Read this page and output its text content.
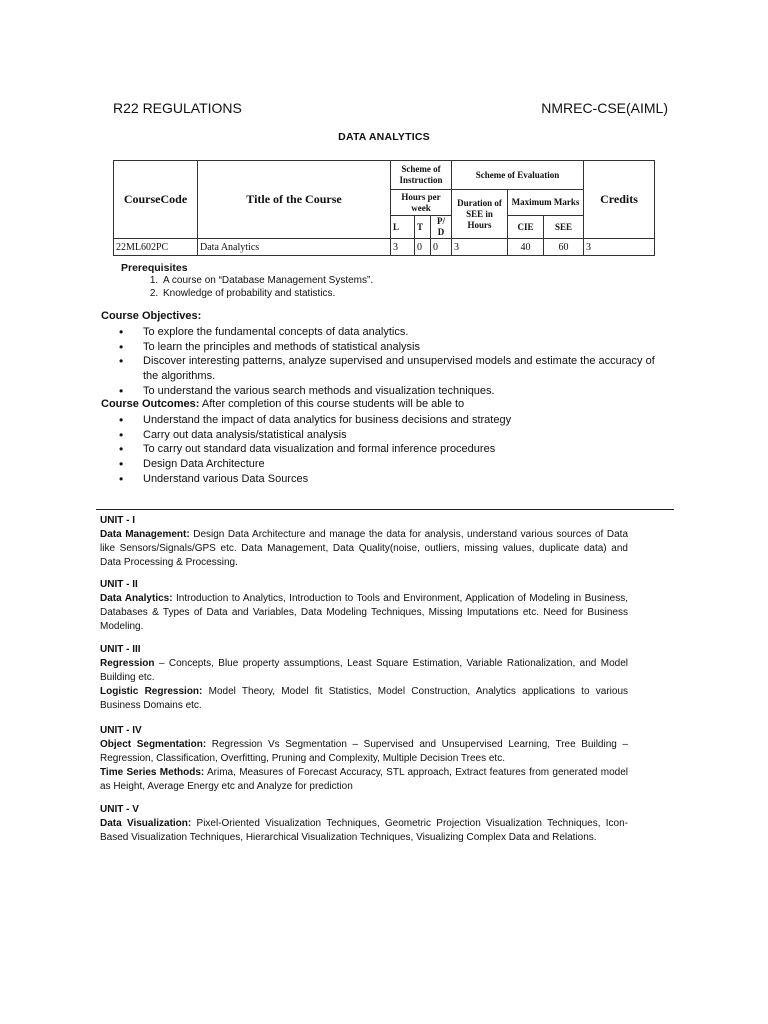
R22 REGULATIONS	NMREC-CSE(AIML)
DATA ANALYTICS
CourseCode	Title of the Course	Scheme of Instruction			Scheme of Evaluation			Credits
		Hours per week			Duration of SEE in Hours	Maximum Marks		
		L	T	P/ D		CIE	SEE	
22ML602PC	Data Analytics	3	0	0	3	40	60	3
Prerequisites
1. A course on “Database Management Systems”.
2. Knowledge of probability and statistics.
Course Objectives:
• To explore the fundamental concepts of data analytics.
• To learn the principles and methods of statistical analysis
• Discover interesting patterns, analyze supervised and unsupervised models and estimate the accuracy of the algorithms.
• To understand the various search methods and visualization techniques.
Course Outcomes: After completion of this course students will be able to
• Understand the impact of data analytics for business decisions and strategy
• Carry out data analysis/statistical analysis
• To carry out standard data visualization and formal inference procedures
• Design Data Architecture
• Understand various Data Sources
UNIT - I

Data Management: Design Data Architecture and manage the data for analysis, understand various sources of Data like Sensors/Signals/GPS etc. Data Management, Data Quality(noise, outliers, missing values, duplicate data) and Data Processing & Processing.

UNIT - II

Data Analytics: Introduction to Analytics, Introduction to Tools and Environment, Application of Modeling in Business, Databases & Types of Data and Variables, Data Modeling Techniques, Missing Imputations etc. Need for Business Modeling.

UNIT - III

Regression – Concepts, Blue property assumptions, Least Square Estimation, Variable Rationalization, and Model Building etc.

Logistic Regression: Model Theory, Model fit Statistics, Model Construction, Analytics applications to various Business Domains etc.

UNIT - IV

Object Segmentation: Regression Vs Segmentation – Supervised and Unsupervised Learning, Tree Building – Regression, Classification, Overfitting, Pruning and Complexity, Multiple Decision Trees etc.

Time Series Methods: Arima, Measures of Forecast Accuracy, STL approach, Extract features from generated model as Height, Average Energy etc and Analyze for prediction

UNIT - V

Data Visualization: Pixel-Oriented Visualization Techniques, Geometric Projection Visualization Techniques, Icon-Based Visualization Techniques, Hierarchical Visualization Techniques, Visualizing Complex Data and Relations.
